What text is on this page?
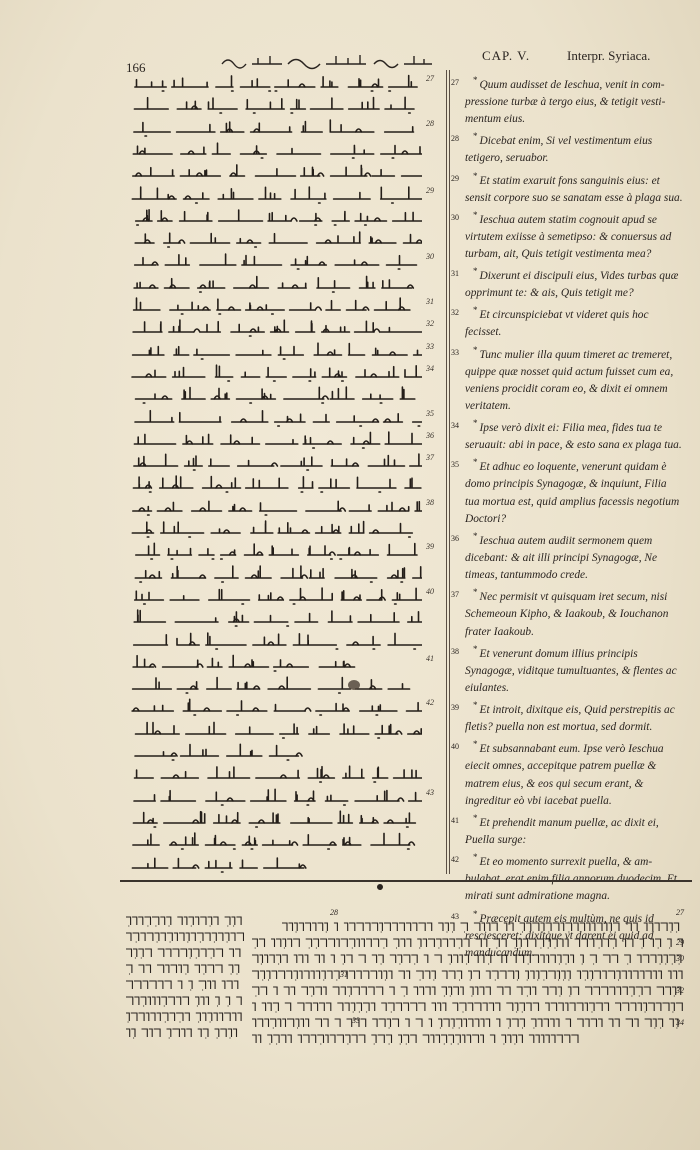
166
CAP. V.	Interpr. Syriaca.
27
28
29
30
31
32
33
34
35
36
37
38
39
40
41
42
43

27 * Quum audisset de Ieschua, venit in compressione turbæ à tergo eius, & tetigit vestimentum eius.

28 * Dicebat enim, Si vel vestimentum eius tetigero, seruabor.

29 * Et statim exaruit fons sanguinis eius: et sensit corpore suo se sanatam esse à plaga sua.

30 * Ieschua autem statim cognouit apud se virtutem exiisse à semetipso: & conuersus ad turbam, ait, Quis tetigit vestimenta mea?

31 * Dixerunt ei discipuli eius, Vides turbas quæ opprimunt te: & ais, Quis tetigit me?

32 * Et circunspiciebat vt videret quis hoc fecisset.

33 * Tunc mulier illa quum timeret ac tremeret, quippe quæ nosset quid actum fuisset cum ea, veniens procidit coram eo, & dixit ei omnem veritatem.

34 * Ipse verò dixit ei: Filia mea, fides tua te seruauit: abi in pace, & esto sana ex plaga tua.

35 * Et adhuc eo loquente, venerunt quidam è domo principis Synagogæ, & inquiunt, Filia tua mortua est, quid amplius facessis negotium Doctori?

36 * Ieschua autem audiit sermonem quem dicebant: & ait illi principi Synagogæ, Ne timeas, tantummodo crede.

37 * Nec permisit vt quisquam iret secum, nisi Schemeoun Kipho, & Iaakoub, & Iouchanon frater Iaakoub.

38 * Et venerunt domum illius principis Synagogæ, viditque tumultuantes, & flentes ac eiulantes.

39 * Et introit, dixitque eis, Quid perstrepitis ac fletis? puella non est mortua, sed dormit.

40 * Et subsannabant eum. Ipse verò Ieschua eiecit omnes, accepitque patrem puellæ & matrem eius, & eos qui secum erant, & ingreditur eò vbi iacebat puella.

41 * Et prehendit manum puellæ, ac dixit ei, Puella surge:

42 * Et eo momento surrexit puella, & am mirati sunt admiratione magna.

43 * Præcepit autem eis multùm, ne quis id resciesceret: dixitque vt darent ei quid ad manducandum.

27
28
29
30
31
32
33	34
